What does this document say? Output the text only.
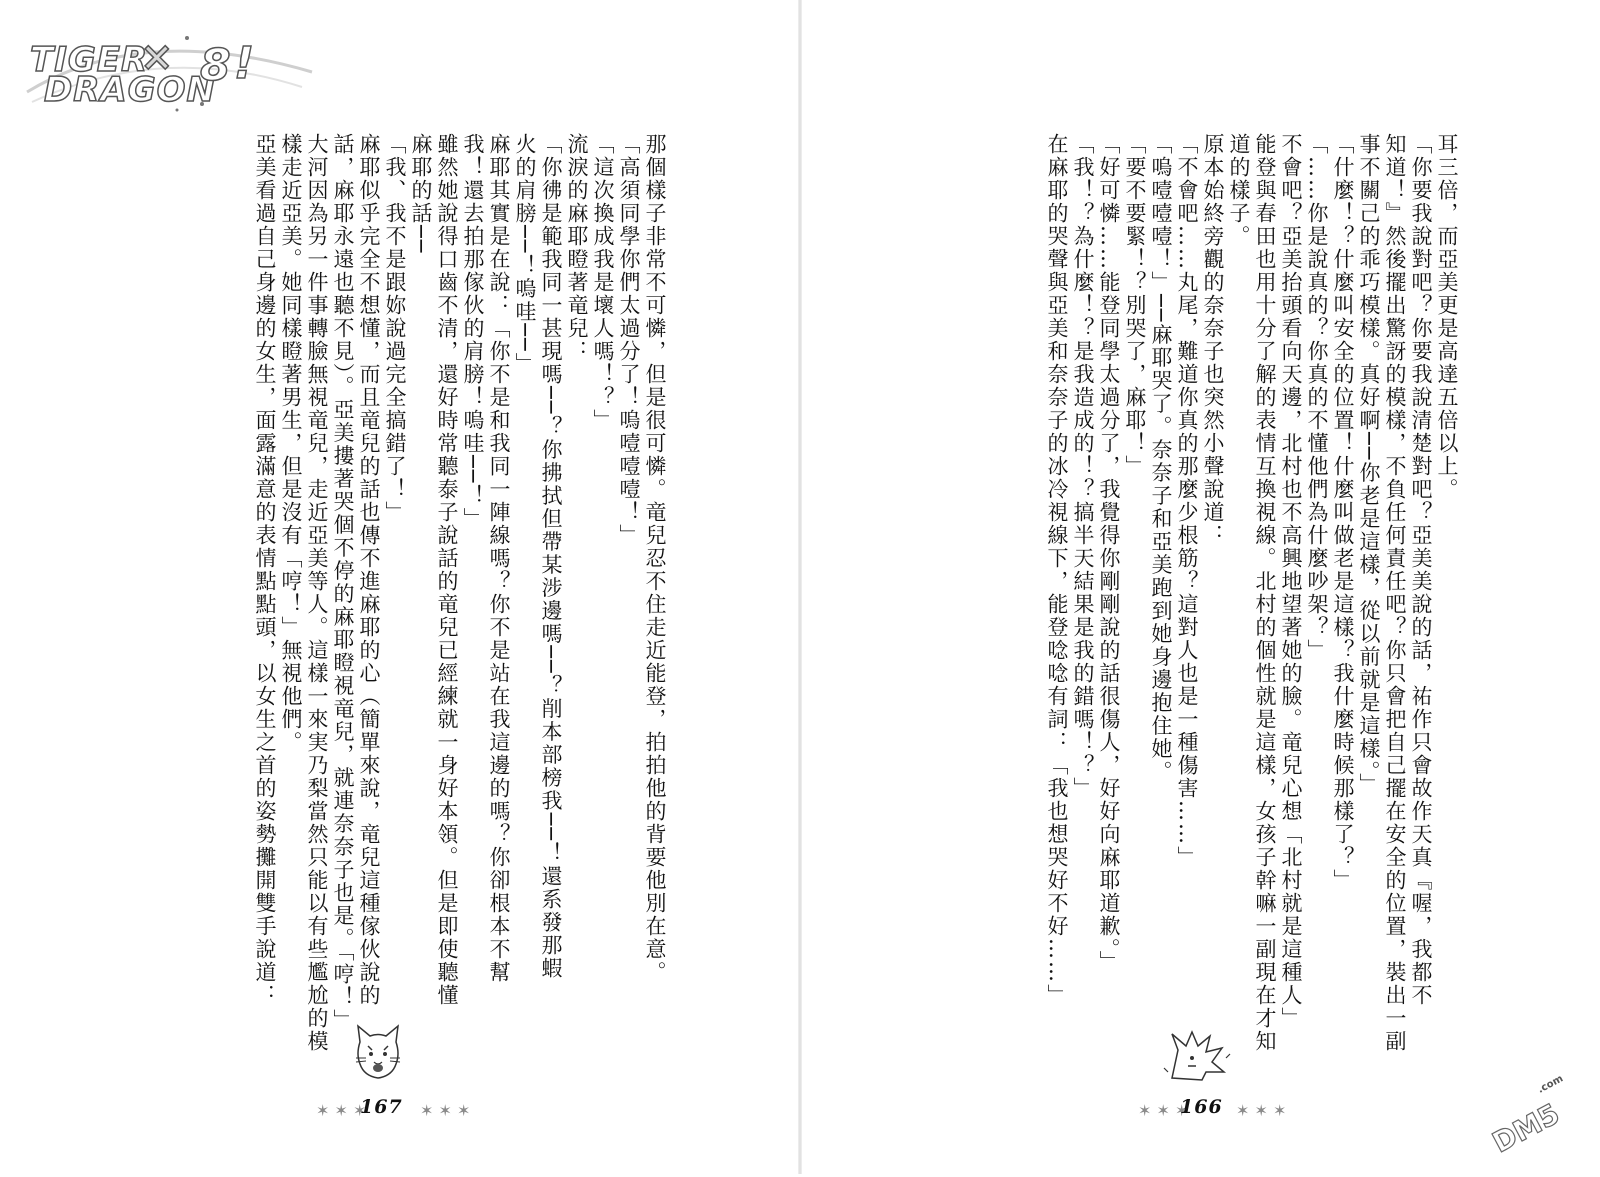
TIGER
×
DRAGON
8 !
那個樣子非常不可憐，但是很可憐。竜兒忍不住走近能登，拍拍他的背要他別在意。
「高須同學你們太過分了！嗚噎噎噎！」
「這次換成我是壞人嗎！？」
流淚的麻耶瞪著竜兒：
「你彿是範我同一甚現嗎──？你拂拭但帶某涉邊嗎──？削本部榜我──！還系發那蝦
火的肩膀──！嗚哇──」
麻耶其實是在說：「你不是和我同一陣線嗎？你不是站在我這邊的嗎？你卻根本不幫
我！還去拍那傢伙的肩膀！嗚哇──！」
雖然她說得口齒不清，還好時常聽泰子說話的竜兒已經練就一身好本領。但是即使聽懂
麻耶的話──
「我、我不是跟妳說過完全搞錯了！」
麻耶似乎完全不想懂，而且竜兒的話也傳不進麻耶的心（簡單來說，竜兒這種傢伙說的
話，麻耶永遠也聽不見）。亞美摟著哭個不停的麻耶瞪視竜兒，就連奈奈子也是。「哼！」
大河因為另一件事轉臉無視竜兒，走近亞美等人。這樣一來実乃梨當然只能以有些尷尬的模
樣走近亞美。她同樣瞪著男生，但是沒有「哼！」無視他們。
亞美看過自己身邊的女生，面露滿意的表情點點頭，以女生之首的姿勢攤開雙手說道：
✶ ✶ ✶
167 ✶ ✶ ✶
耳三倍，而亞美更是高達五倍以上。
「你要我說對吧？你要我說清楚對吧？亞美美說的話，祐作只會故作天真『喔，我都不
知道！』然後擺出驚訝的模樣，不負任何責任吧？你只會把自己擺在安全的位置，裝出一副
事不關己的乖巧模樣。真好啊──你老是這樣，從以前就是這樣。」
「什麼！？什麼叫安全的位置！什麼叫做老是這樣？我什麼時候那樣了？」
「……你是說真的？你真的不懂他們為什麼吵架？」
不會吧？亞美抬頭看向天邊，北村也不高興地望著她的臉。竜兒心想「北村就是這種人」
能登與春田也用十分了解的表情互換視線。北村的個性就是這樣，女孩子幹嘛一副現在才知
道的樣子。
原本始終旁觀的奈奈子也突然小聲說道：
「不會吧……丸尾，難道你真的那麼少根筋？這對人也是一種傷害……」
「嗚噎噎噎！」──麻耶哭了。奈奈子和亞美跑到她身邊抱住她。
「要不要緊！？別哭了，麻耶！」
「好可憐……能登同學太過分了，我覺得你剛剛說的話很傷人，好好向麻耶道歉。」
「我！？為什麼！？是我造成的！？搞半天結果是我的錯嗎！？」
在麻耶的哭聲與亞美和奈奈子的冰冷視線下，能登唸唸有詞：「我也想哭好不好……」
✶ ✶ ✶
166 ✶ ✶ ✶	DM5
.com
